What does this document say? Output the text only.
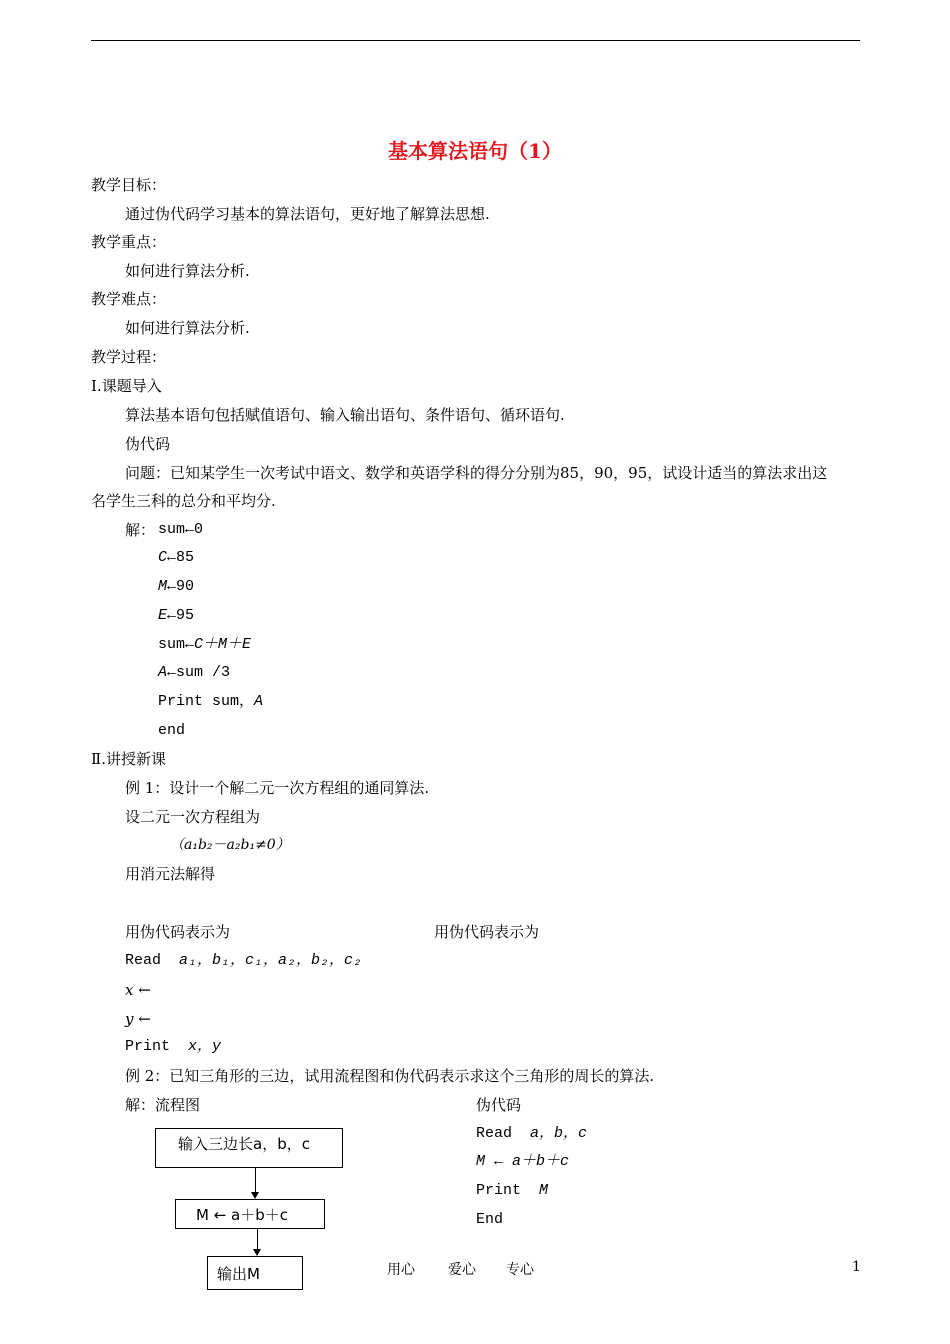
基本算法语句（1）
教学目标：
通过伪代码学习基本的算法语句，更好地了解算法思想.
教学重点：
如何进行算法分析.
教学难点：
如何进行算法分析.
教学过程：
Ⅰ.课题导入
算法基本语句包括赋值语句、输入输出语句、条件语句、循环语句.
伪代码
问题：已知某学生一次考试中语文、数学和英语学科的得分分别为85，90，95，试设计适当的算法求出这
名学生三科的总分和平均分.
解： sum←0
C←85
M←90
E←95
sum←C＋M＋E
A←sum /3
Print sum，A
end
Ⅱ.讲授新课
例 1：设计一个解二元一次方程组的通同算法.
设二元一次方程组为
（a₁b₂－a₂b₁≠0）
用消元法解得
用伪代码表示为	用伪代码表示为
Read a₁，b₁，c₁，a₂，b₂，c₂
x ←
y ←
Print x，y
例 2：已知三角形的三边，试用流程图和伪代码表示求这个三角形的周长的算法.
解：流程图	伪代码
Read a，b，c
M ← a＋b＋c
Print M
End
输入三边长a，b，c
M ← a＋b＋c
输出M	用心 爱心 专心	1
